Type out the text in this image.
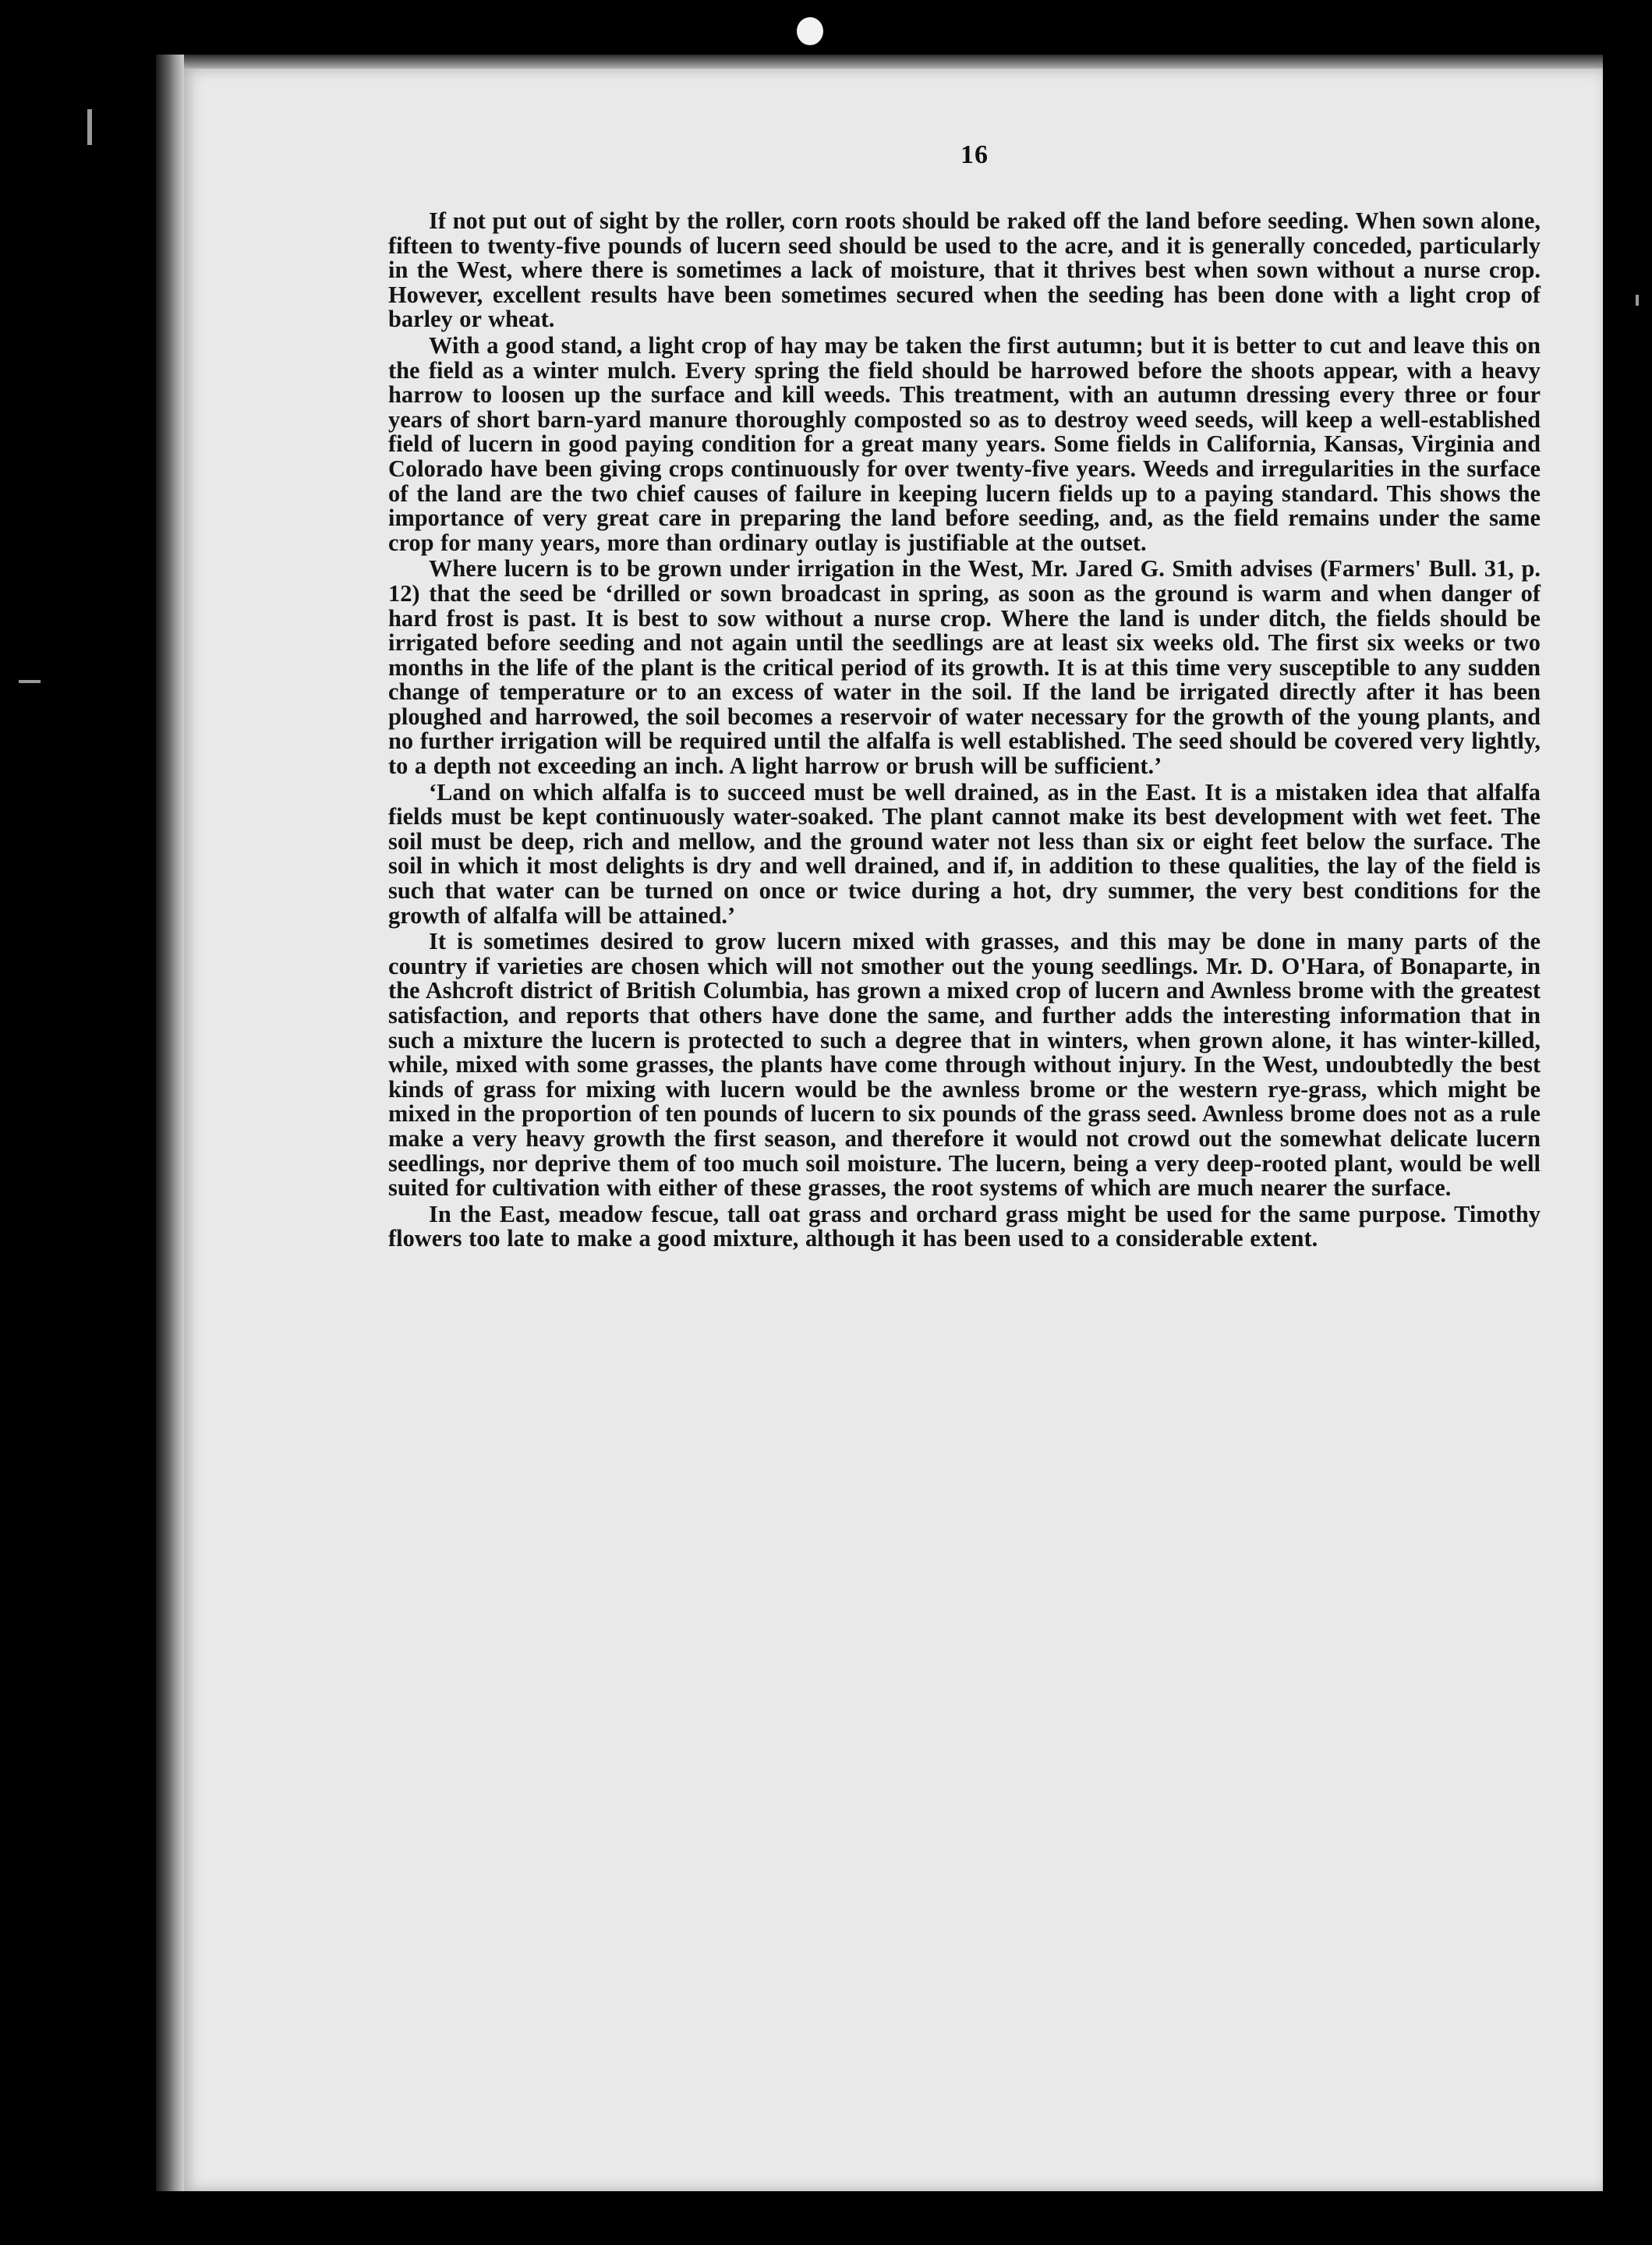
16

If not put out of sight by the roller, corn roots should be raked off the land before seeding. When sown alone, fifteen to twenty-five pounds of lucern seed should be used to the acre, and it is generally conceded, particularly in the West, where there is sometimes a lack of moisture, that it thrives best when sown without a nurse crop. However, excellent results have been sometimes secured when the seeding has been done with a light crop of barley or wheat.

With a good stand, a light crop of hay may be taken the first autumn; but it is better to cut and leave this on the field as a winter mulch. Every spring the field should be harrowed before the shoots appear, with a heavy harrow to loosen up the surface and kill weeds. This treatment, with an autumn dressing every three or four years of short barn-yard manure thoroughly composted so as to destroy weed seeds, will keep a well-established field of lucern in good paying condition for a great many years. Some fields in California, Kansas, Virginia and Colorado have been giving crops continuously for over twenty-five years. Weeds and irregularities in the surface of the land are the two chief causes of failure in keeping lucern fields up to a paying standard. This shows the importance of very great care in preparing the land before seeding, and, as the field remains under the same crop for many years, more than ordinary outlay is justifiable at the outset.

Where lucern is to be grown under irrigation in the West, Mr. Jared G. Smith advises (Farmers' Bull. 31, p. 12) that the seed be ‘drilled or sown broadcast in spring, as soon as the ground is warm and when danger of hard frost is past. It is best to sow without a nurse crop. Where the land is under ditch, the fields should be irrigated before seeding and not again until the seedlings are at least six weeks old. The first six weeks or two months in the life of the plant is the critical period of its growth. It is at this time very susceptible to any sudden change of temperature or to an excess of water in the soil. If the land be irrigated directly after it has been ploughed and harrowed, the soil becomes a reservoir of water necessary for the growth of the young plants, and no further irrigation will be required until the alfalfa is well established. The seed should be covered very lightly, to a depth not exceeding an inch. A light harrow or brush will be sufficient.’

‘Land on which alfalfa is to succeed must be well drained, as in the East. It is a mistaken idea that alfalfa fields must be kept continuously water-soaked. The plant cannot make its best development with wet feet. The soil must be deep, rich and mellow, and the ground water not less than six or eight feet below the surface. The soil in which it most delights is dry and well drained, and if, in addition to these qualities, the lay of the field is such that water can be turned on once or twice during a hot, dry summer, the very best conditions for the growth of alfalfa will be attained.’

It is sometimes desired to grow lucern mixed with grasses, and this may be done in many parts of the country if varieties are chosen which will not smother out the young seedlings. Mr. D. O'Hara, of Bonaparte, in the Ashcroft district of British Columbia, has grown a mixed crop of lucern and Awnless brome with the greatest satisfaction, and reports that others have done the same, and further adds the interesting information that in such a mixture the lucern is protected to such a degree that in winters, when grown alone, it has winter-killed, while, mixed with some grasses, the plants have come through without injury. In the West, undoubtedly the best kinds of grass for mixing with lucern would be the awnless brome or the western rye-grass, which might be mixed in the proportion of ten pounds of lucern to six pounds of the grass seed. Awnless brome does not as a rule make a very heavy growth the first season, and therefore it would not crowd out the somewhat delicate lucern seedlings, nor deprive them of too much soil moisture. The lucern, being a very deep-rooted plant, would be well suited for cultivation with either of these grasses, the root systems of which are much nearer the surface.

In the East, meadow fescue, tall oat grass and orchard grass might be used for the same purpose. Timothy flowers too late to make a good mixture, although it has been used to a considerable extent.
